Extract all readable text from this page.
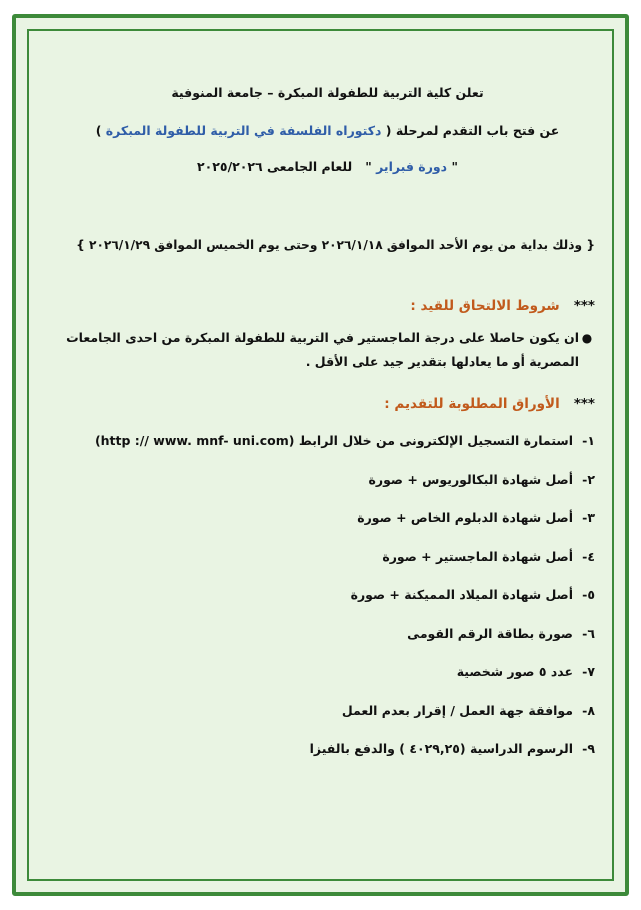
تعلن كلية التربية للطفولة المبكرة – جامعة المنوفية
عن فتح باب التقدم لمرحلة ( دكتوراه الفلسفة في التربية للطفولة المبكرة )
" دورة فبراير "   للعام الجامعى ٢٠٢٥/٢٠٢٦
{ وذلك بداية من يوم الأحد الموافق ٢٠٢٦/١/١٨ وحتى يوم الخميس الموافق ٢٠٢٦/١/٢٩ }
***   شروط الالتحاق للقيد :
●
ان يكون حاصلا على درجة الماجستير في التربية للطفولة المبكرة من احدى الجامعات المصرية أو ما يعادلها بتقدير جيد على الأقل .
***   الأوراق المطلوبة للتقديم :
١-
استمارة التسجيل الإلكترونى من خلال الرابط

(http :// www. mnf- uni.com)
٢-
أصل شهادة البكالوريوس + صورة
٣-
أصل شهادة الدبلوم الخاص + صورة
٤-
أصل شهادة الماجستير + صورة
٥-
أصل شهادة الميلاد المميكنة + صورة
٦-
صورة بطاقة الرقم القومى
٧-
عدد ٥ صور شخصية
٨-
موافقة جهة العمل / إقرار بعدم العمل
٩-
الرسوم الدراسية (٤٠٢٩,٢٥ ) والدفع بالفيزا
